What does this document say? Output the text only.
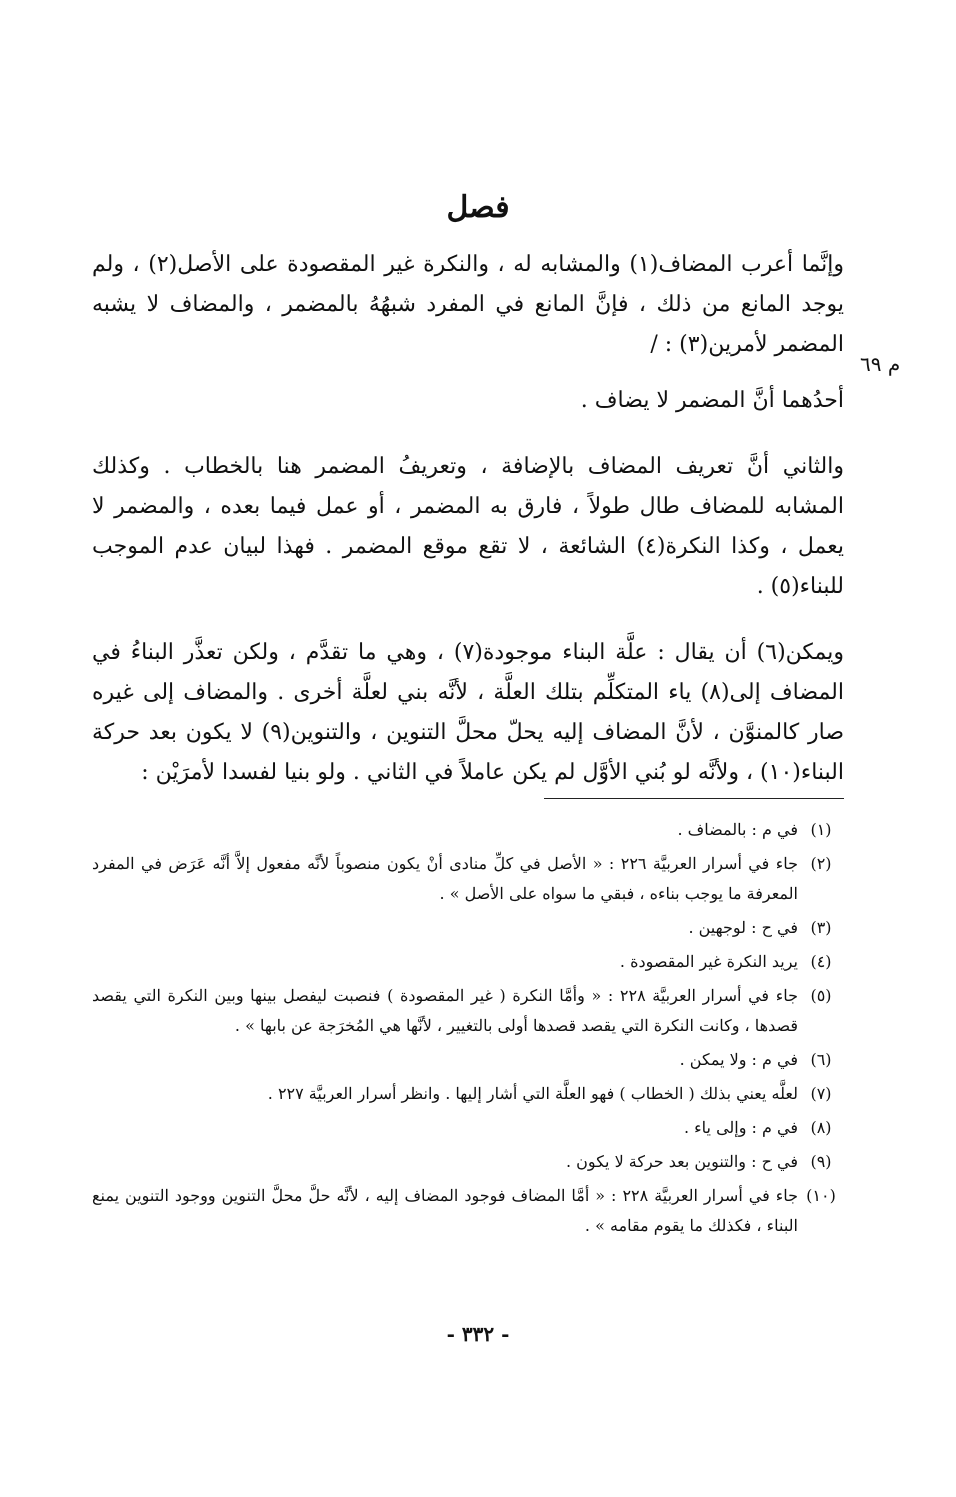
فصل
م ٦٩

وإنَّما أعرب المضاف(١) والمشابه له ، والنكرة غير المقصودة على الأصل(٢) ، ولم يوجد المانع من ذلك ، فإنَّ المانع في المفرد شبهُهُ بالمضمر ، والمضاف لا يشبه المضمر لأمرين(٣) : /

أحدُهما أنَّ المضمر لا يضاف .

والثاني أنَّ تعريف المضاف بالإضافة ، وتعريفُ المضمر هنا بالخطاب . وكذلك المشابه للمضاف طال طولاً ، فارق به المضمر ، أو عمل فيما بعده ، والمضمر لا يعمل ، وكذا النكرة(٤) الشائعة ، لا تقع موقع المضمر . فهذا لبيان عدم الموجب للبناء(٥) .

ويمكن(٦) أن يقال : علَّة البناء موجودة(٧) ، وهي ما تقدَّم ، ولكن تعذَّر البناءُ في المضاف إلى(٨) ياء المتكلِّم بتلك العلَّة ، لأنَّه بني لعلَّة أخرى . والمضاف إلى غيره صار كالمنوَّن ، لأنَّ المضاف إليه يحلّ محلَّ التنوين ، والتنوين(٩) لا يكون بعد حركة البناء(١٠) ، ولأنَّه لو بُني الأوَّل لم يكن عاملاً في الثاني . ولو بنيا لفسدا لأمرَيْن :

(١)
في م : بالمضاف .
(٢)
جاء في أسرار العربيَّة ٢٢٦ : « الأصل في كلِّ منادى أنْ يكون منصوباً لأنَّه مفعول إلاَّ أنَّه عَرَض في المفرد المعرفة ما يوجب بناءه ، فبقي ما سواه على الأصل » .
(٣)
في ح : لوجهين .
(٤)
يريد النكرة غير المقصودة .
(٥)
جاء في أسرار العربيَّة ٢٢٨ : « وأمَّا النكرة ( غير المقصودة ) فنصبت ليفصل بينها وبين النكرة التي يقصد قصدها ، وكانت النكرة التي يقصد قصدها أولى بالتغيير ، لأنَّها هي المُخرَجة عن بابها » .
(٦)
في م : ولا يمكن .
(٧)
لعلَّه يعني بذلك ( الخطاب ) فهو العلَّة التي أشار إليها . وانظر أسرار العربيَّة ٢٢٧ .
(٨)
في م : وإلى ياء .
(٩)
في ح : والتنوين بعد حركة لا يكون .
(١٠)
جاء في أسرار العربيَّة ٢٢٨ : « أمَّا المضاف فوجود المضاف إليه ، لأنَّه حلَّ محلَّ التنوين ووجود التنوين يمنع البناء ، فكذلك ما يقوم مقامه » .
- ٣٣٢ -
